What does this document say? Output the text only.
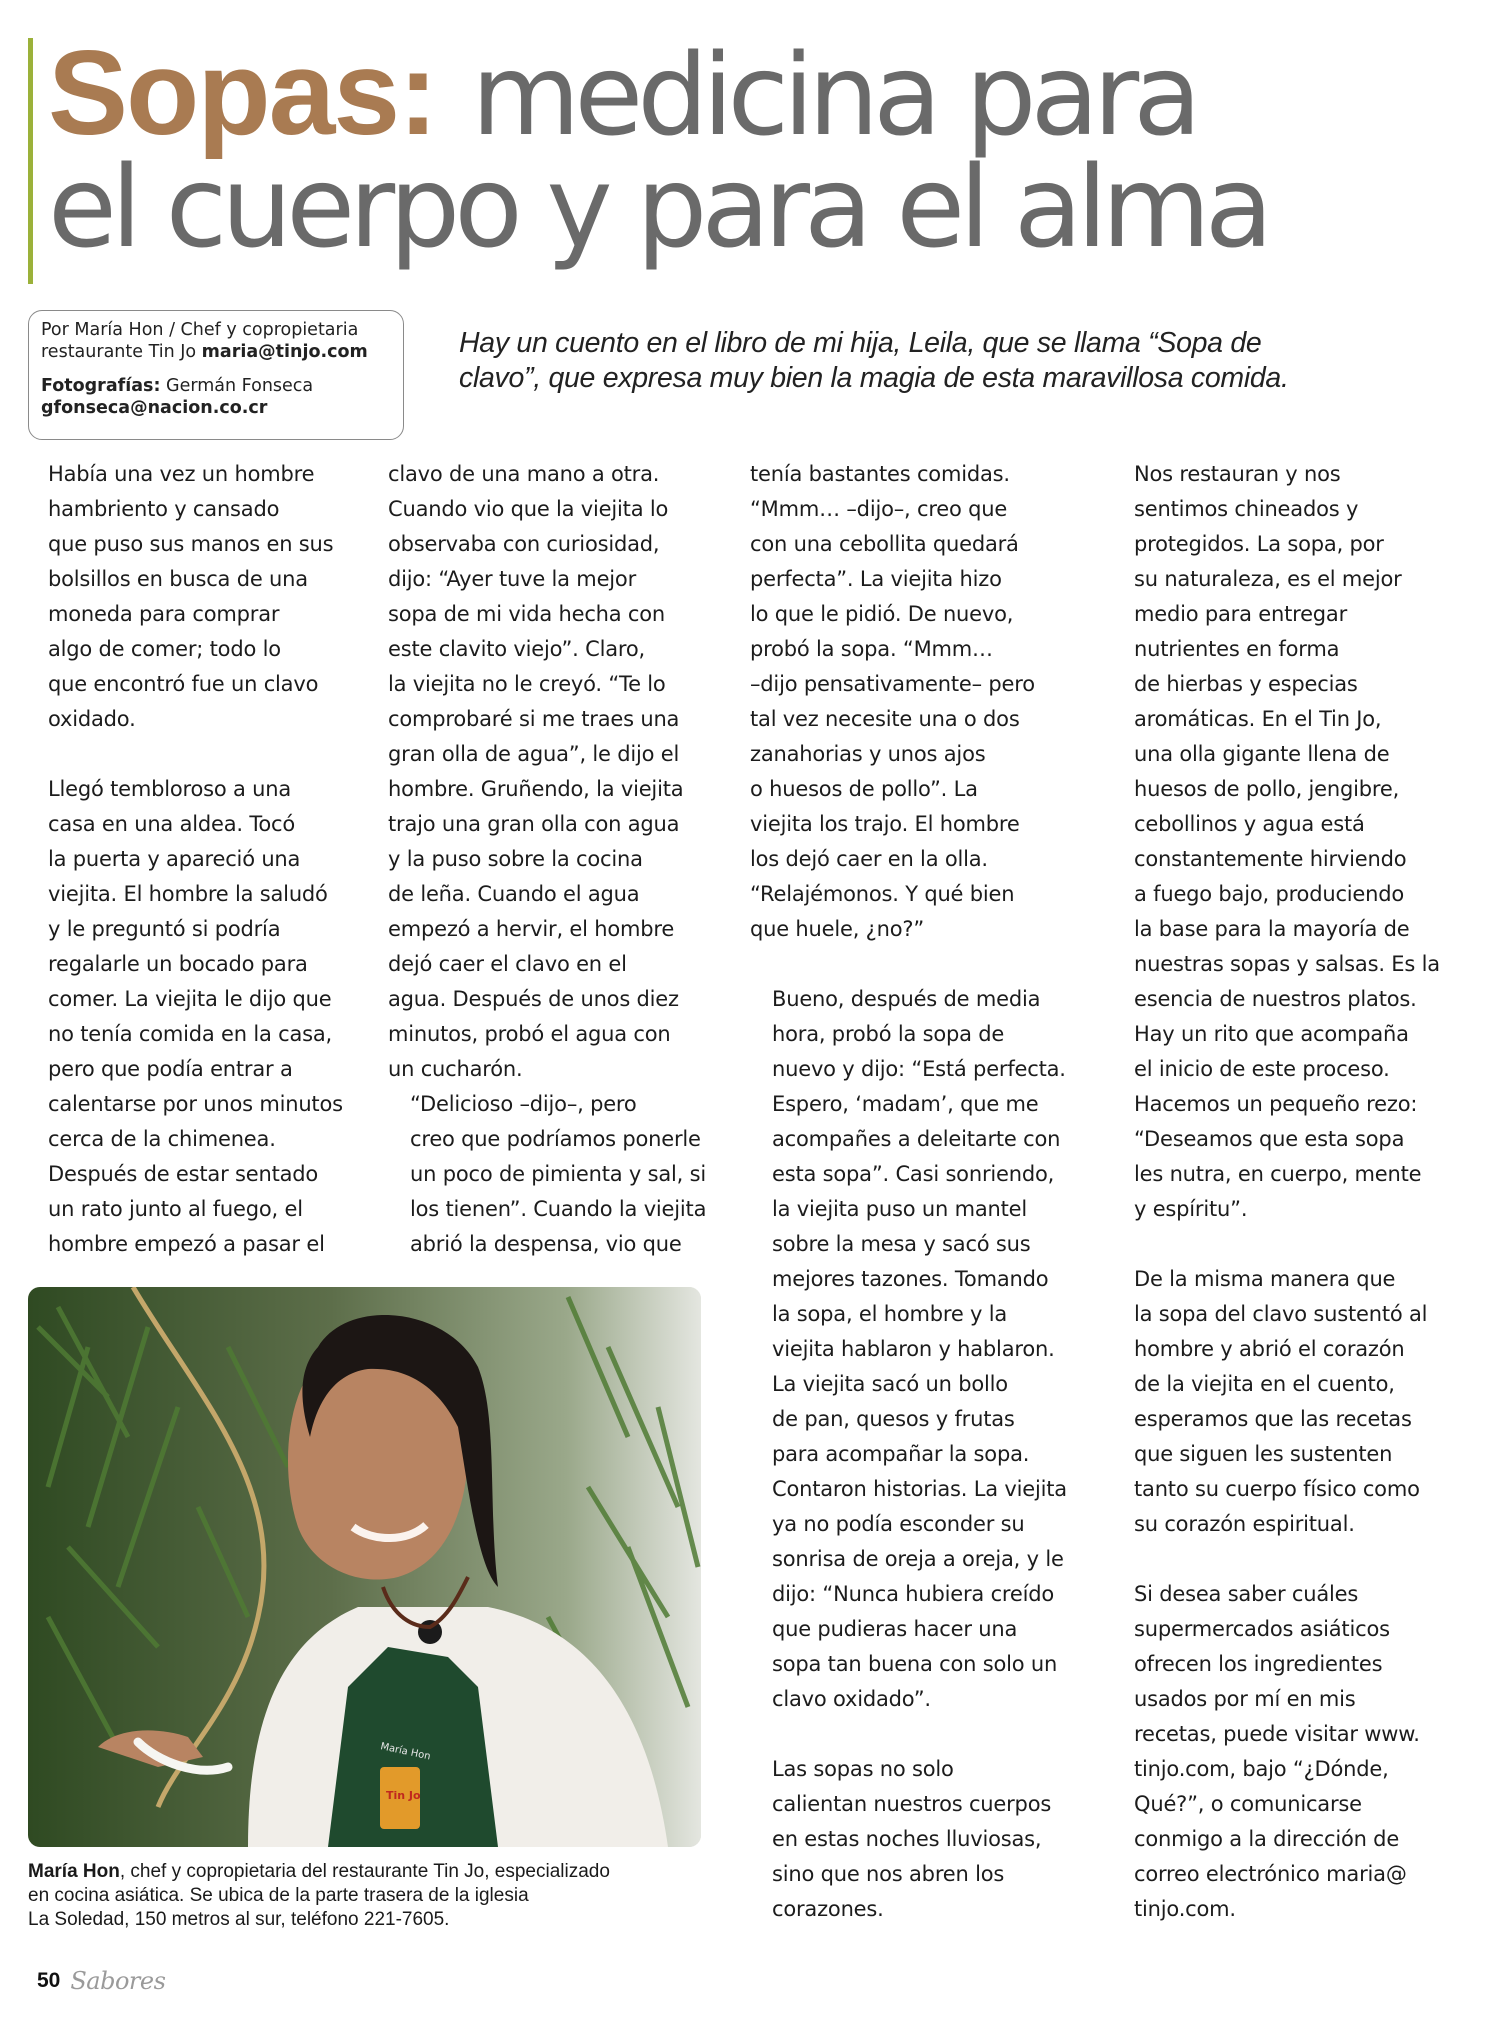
Sopas: medicina para
el cuerpo y para el alma

Por María Hon / Chef y copropietaria
restaurante Tin Jo maria@tinjo.com

Fotografías: Germán Fonseca
gfonseca@nacion.co.cr

Hay un cuento en el libro de mi hija, Leila, que se llama “Sopa de

clavo”, que expresa muy bien la magia de esta maravillosa comida.

Había una vez un hombre
hambriento y cansado
que puso sus manos en sus
bolsillos en busca de una
moneda para comprar
algo de comer; todo lo
que encontró fue un clavo
oxidado.

Llegó tembloroso a una
casa en una aldea. Tocó
la puerta y apareció una
viejita. El hombre la saludó
y le preguntó si podría
regalarle un bocado para
comer. La viejita le dijo que
no tenía comida en la casa,
pero que podía entrar a
calentarse por unos minutos
cerca de la chimenea.
Después de estar sentado
un rato junto al fuego, el
hombre empezó a pasar el

clavo de una mano a otra.
Cuando vio que la viejita lo
observaba con curiosidad,
dijo: “Ayer tuve la mejor
sopa de mi vida hecha con
este clavito viejo”. Claro,
la viejita no le creyó. “Te lo
comprobaré si me traes una
gran olla de agua”, le dijo el
hombre. Gruñendo, la viejita
trajo una gran olla con agua
y la puso sobre la cocina
de leña. Cuando el agua
empezó a hervir, el hombre
dejó caer el clavo en el
agua. Después de unos diez
minutos, probó el agua con
un cucharón.

“Delicioso –dijo–, pero
creo que podríamos ponerle
un poco de pimienta y sal, si
los tienen”. Cuando la viejita
abrió la despensa, vio que

tenía bastantes comidas.
“Mmm… –dijo–, creo que
con una cebollita quedará
perfecta”. La viejita hizo
lo que le pidió. De nuevo,
probó la sopa. “Mmm…
–dijo pensativamente– pero
tal vez necesite una o dos
zanahorias y unos ajos
o huesos de pollo”. La
viejita los trajo. El hombre
los dejó caer en la olla.
“Relajémonos. Y qué bien
que huele, ¿no?”

Bueno, después de media
hora, probó la sopa de
nuevo y dijo: “Está perfecta.
Espero, ‘madam’, que me
acompañes a deleitarte con
esta sopa”. Casi sonriendo,
la viejita puso un mantel
sobre la mesa y sacó sus
mejores tazones. Tomando
la sopa, el hombre y la
viejita hablaron y hablaron.
La viejita sacó un bollo
de pan, quesos y frutas
para acompañar la sopa.
Contaron historias. La viejita
ya no podía esconder su
sonrisa de oreja a oreja, y le
dijo: “Nunca hubiera creído
que pudieras hacer una
sopa tan buena con solo un
clavo oxidado”.

Las sopas no solo
calientan nuestros cuerpos
en estas noches lluviosas,
sino que nos abren los
corazones.

Nos restauran y nos
sentimos chineados y
protegidos. La sopa, por
su naturaleza, es el mejor
medio para entregar
nutrientes en forma
de hierbas y especias
aromáticas. En el Tin Jo,
una olla gigante llena de
huesos de pollo, jengibre,
cebollinos y agua está
constantemente hirviendo
a fuego bajo, produciendo
la base para la mayoría de
nuestras sopas y salsas. Es la
esencia de nuestros platos.
Hay un rito que acompaña
el inicio de este proceso.
Hacemos un pequeño rezo:
“Deseamos que esta sopa
les nutra, en cuerpo, mente
y espíritu”.

De la misma manera que
la sopa del clavo sustentó al
hombre y abrió el corazón
de la viejita en el cuento,
esperamos que las recetas
que siguen les sustenten
tanto su cuerpo físico como
su corazón espiritual.

Si desea saber cuáles
supermercados asiáticos
ofrecen los ingredientes
usados por mí en mis
recetas, puede visitar www.
tinjo.com, bajo “¿Dónde,
Qué?”, o comunicarse
conmigo a la dirección de
correo electrónico maria@
tinjo.com.

María Hon
Tin Jo

María Hon, chef y copropietaria del restaurante Tin Jo, especializado

en cocina asiática. Se ubica de la parte trasera de la iglesia

La Soledad, 150 metros al sur, teléfono 221-7605.

50 Sabores
